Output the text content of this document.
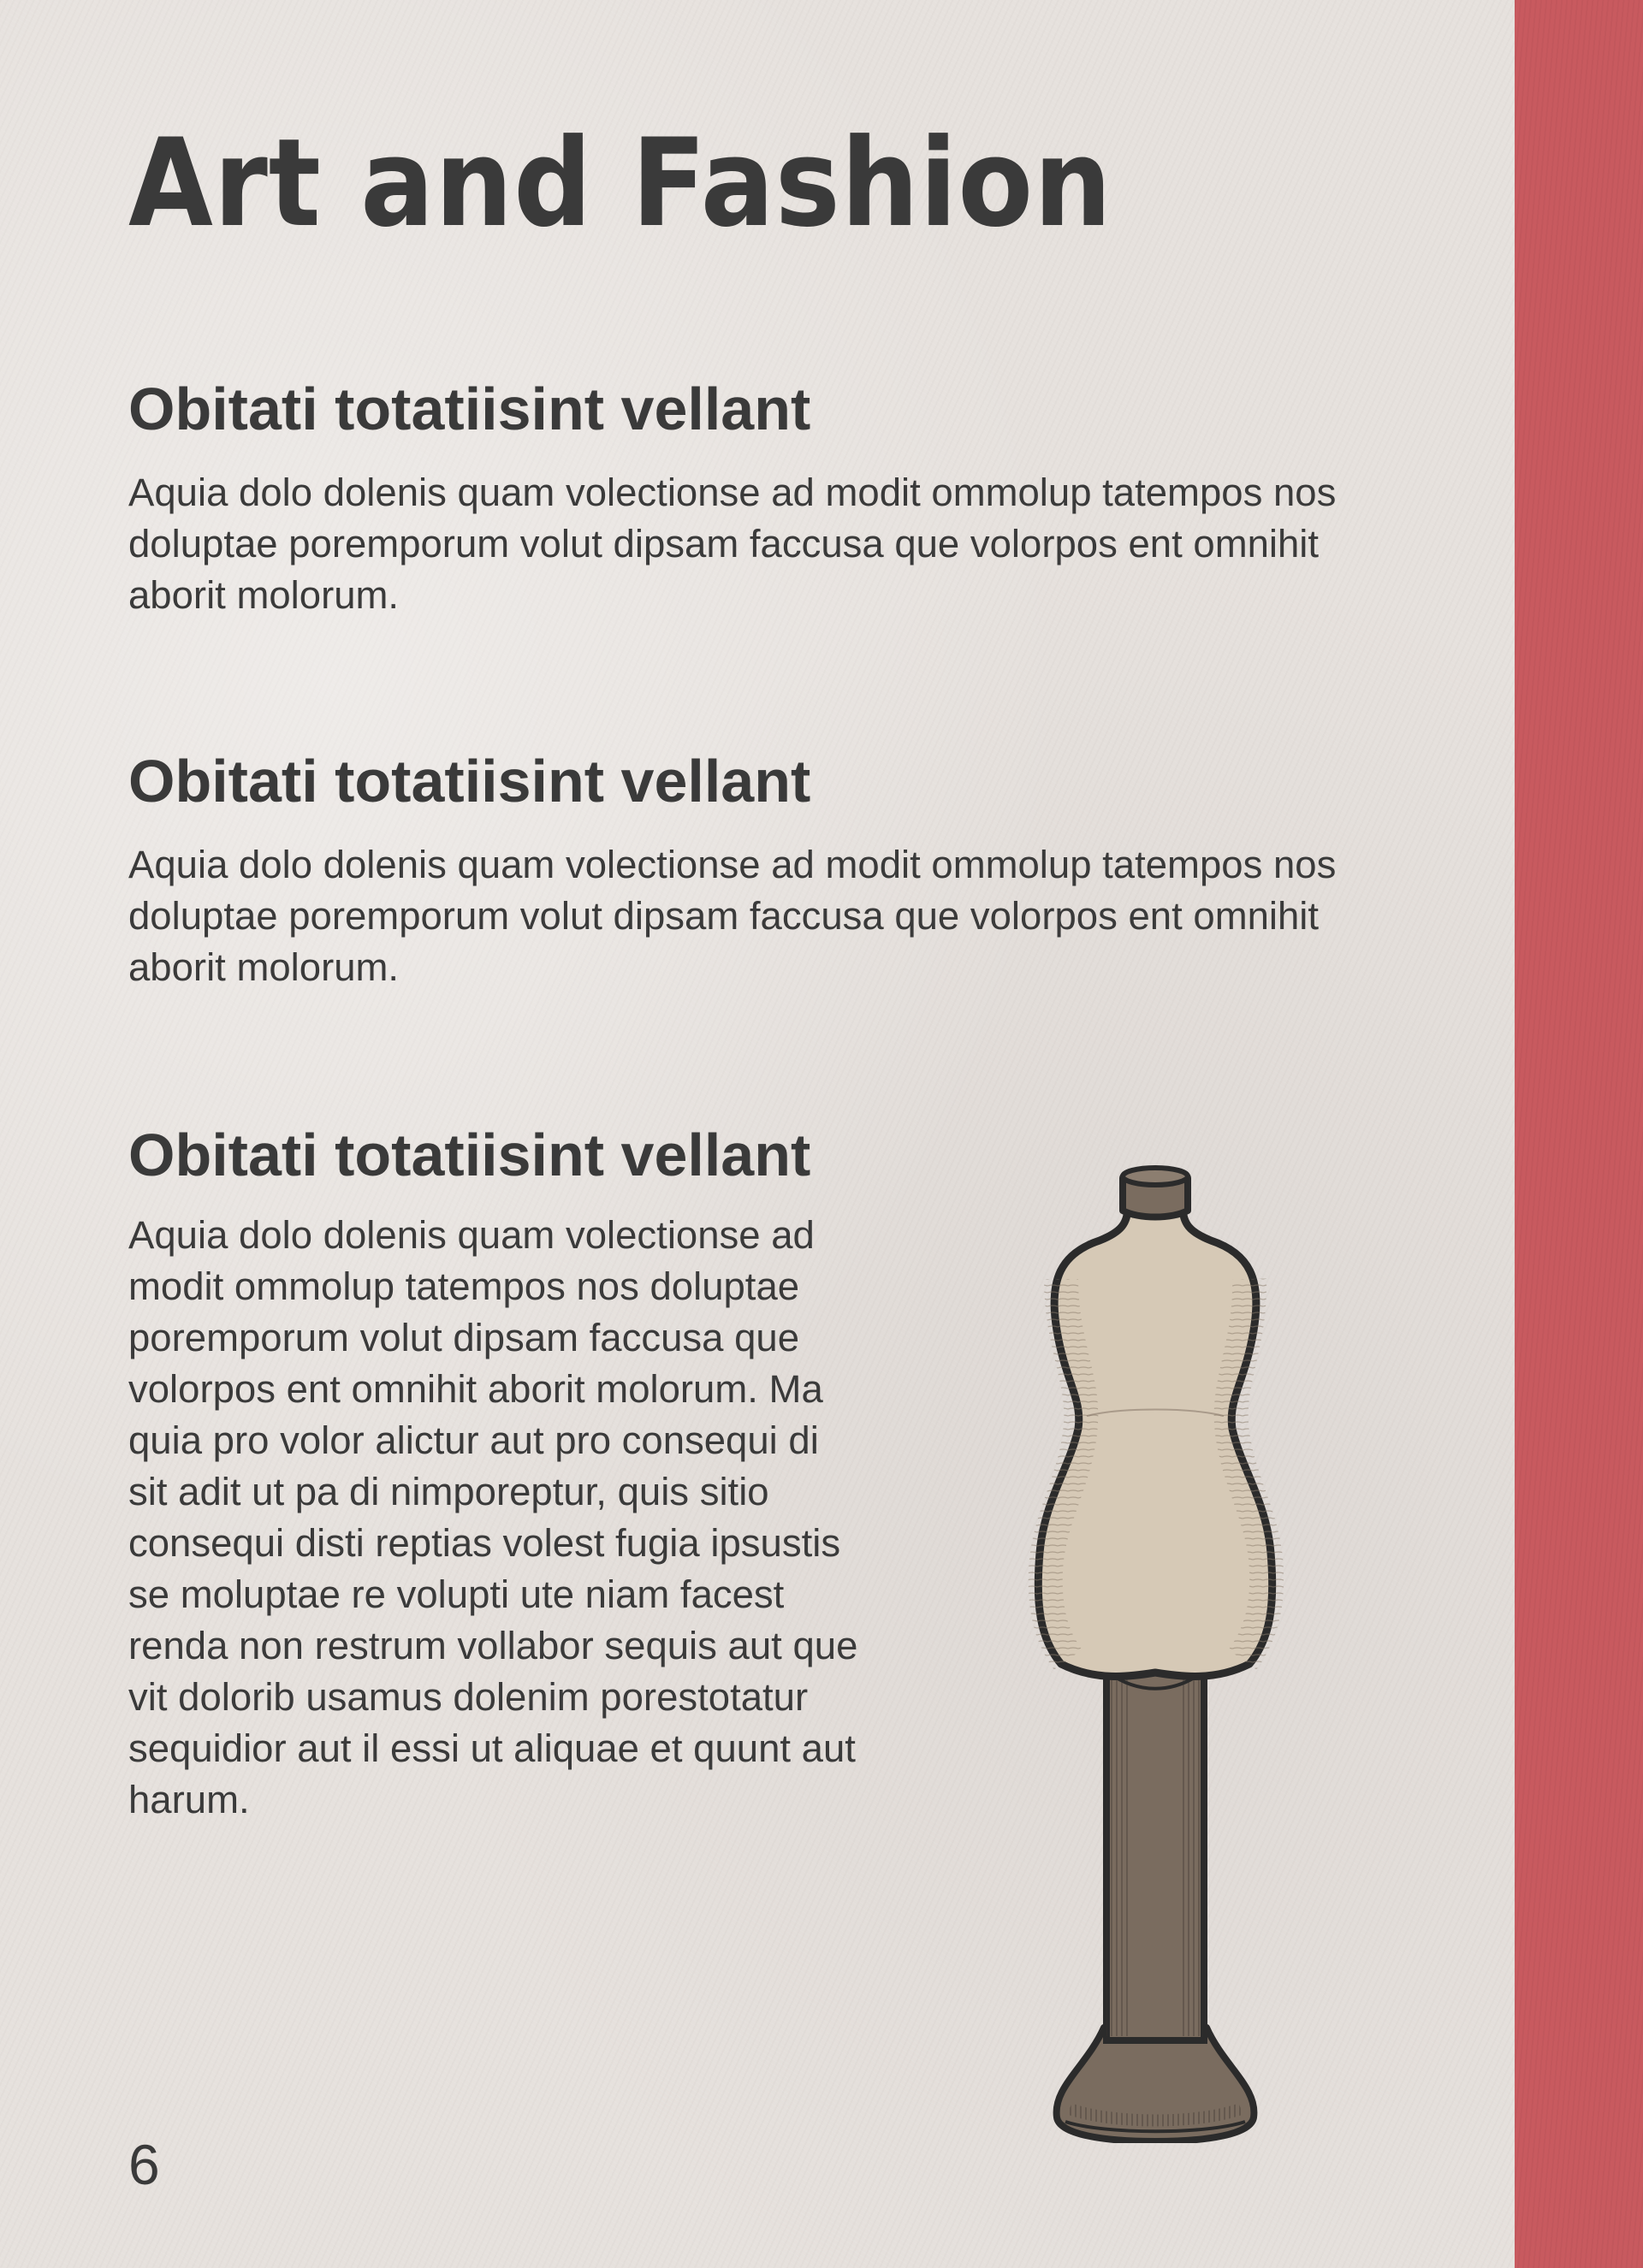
Art and Fashion
Obitati totatiisint vellant

Aquia dolo dolenis quam volectionse ad modit ommolup tatempos nos doluptae poremporum volut dipsam faccusa que volorpos ent omnihit aborit molorum.

Obitati totatiisint vellant

Aquia dolo dolenis quam volectionse ad modit ommolup tatempos nos doluptae poremporum volut dipsam faccusa que volorpos ent omnihit aborit molorum.

Obitati totatiisint vellant

Aquia dolo dolenis quam volectionse ad modit ommolup tatempos nos doluptae poremporum volut dipsam faccusa que volorpos ent omnihit aborit molorum. Ma quia pro volor alictur aut pro consequi di sit adit ut pa di nimporeptur, quis sitio consequi disti reptias volest fugia ipsustis se moluptae re volupti ute niam facest renda non restrum vollabor sequis aut que vit dolorib usamus dolenim porestotatur sequidior aut il essi ut aliquae et quunt aut harum.

6
